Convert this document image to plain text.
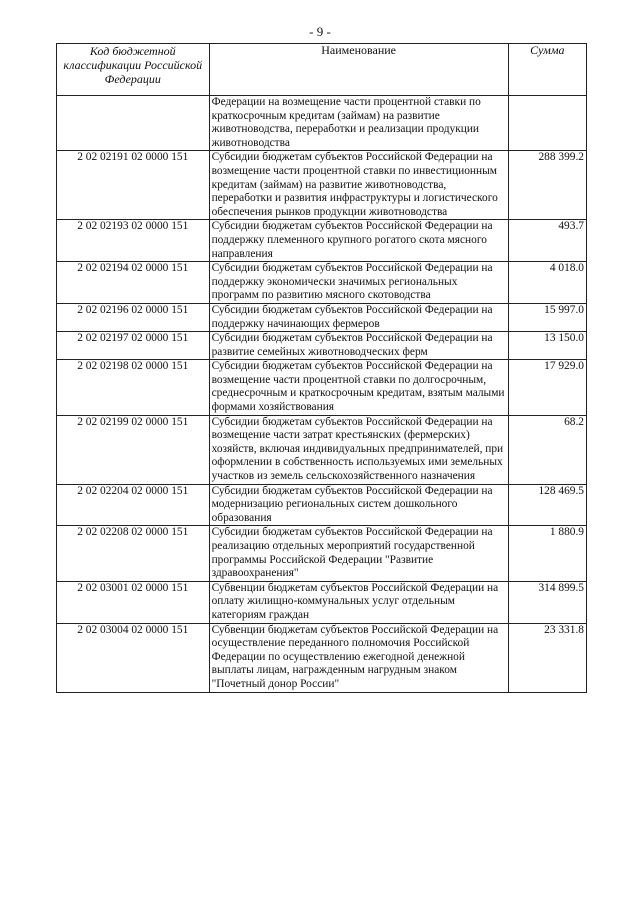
- 9 -
Код бюджетной классификации Российской Федерации	Наименование	Сумма
	Федерации на возмещение части процентной ставки по краткосрочным кредитам (займам) на развитие животноводства, переработки и реализации продукции животноводства	
2 02 02191 02 0000 151	Субсидии бюджетам субъектов Российской Федерации на возмещение части процентной ставки по инвестиционным кредитам (займам) на развитие животноводства, переработки и развития инфраструктуры и логистического обеспечения рынков продукции животноводства	288 399.2
2 02 02193 02 0000 151	Субсидии бюджетам субъектов Российской Федерации на поддержку племенного крупного рогатого скота мясного направления	493.7
2 02 02194 02 0000 151	Субсидии бюджетам субъектов Российской Федерации на поддержку экономически значимых региональных программ по развитию мясного скотоводства	4 018.0
2 02 02196 02 0000 151	Субсидии бюджетам субъектов Российской Федерации на поддержку начинающих фермеров	15 997.0
2 02 02197 02 0000 151	Субсидии бюджетам субъектов Российской Федерации на развитие семейных животноводческих ферм	13 150.0
2 02 02198 02 0000 151	Субсидии бюджетам субъектов Российской Федерации на возмещение части процентной ставки по долгосрочным, среднесрочным и краткосрочным кредитам, взятым малыми формами хозяйствования	17 929.0
2 02 02199 02 0000 151	Субсидии бюджетам субъектов Российской Федерации на возмещение части затрат крестьянских (фермерских) хозяйств, включая индивидуальных предпринимателей, при оформлении в собственность используемых ими земельных участков из земель сельскохозяйственного назначения	68.2
2 02 02204 02 0000 151	Субсидии бюджетам субъектов Российской Федерации на модернизацию региональных систем дошкольного образования	128 469.5
2 02 02208 02 0000 151	Субсидии бюджетам субъектов Российской Федерации на реализацию отдельных мероприятий государственной программы Российской Федерации "Развитие здравоохранения"	1 880.9
2 02 03001 02 0000 151	Субвенции бюджетам субъектов Российской Федерации на оплату жилищно-коммунальных услуг отдельным категориям граждан	314 899.5
2 02 03004 02 0000 151	Субвенции бюджетам субъектов Российской Федерации на осуществление переданного полномочия Российской Федерации по осуществлению ежегодной денежной выплаты лицам, награжденным нагрудным знаком "Почетный донор России"	23 331.8
